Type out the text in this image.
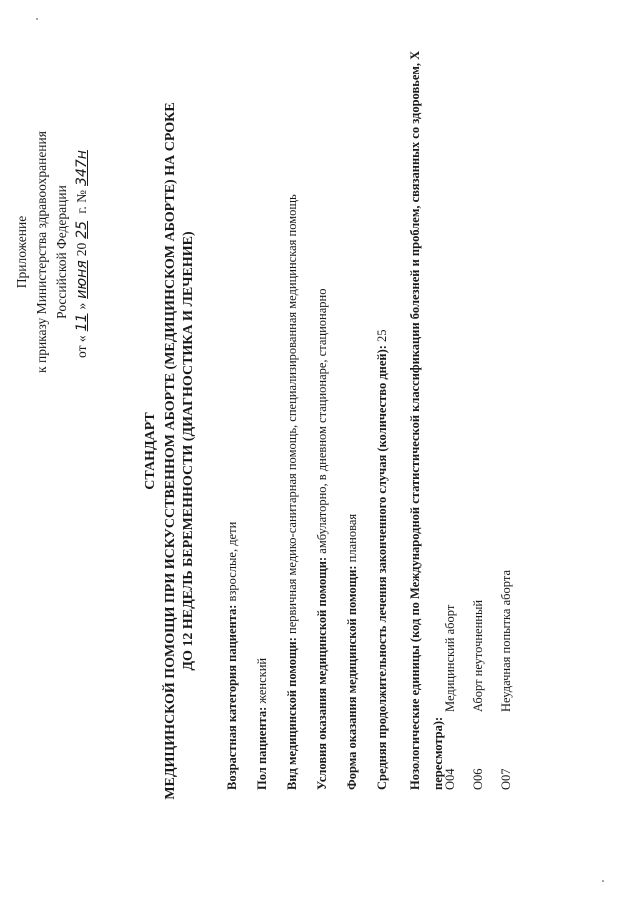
Приложение к приказу Министерства здравоохранения Российской Федерации
от «11»июня2025 г. №347н
СТАНДАРТ МЕДИЦИНСКОЙ ПОМОЩИ ПРИ ИСКУССТВЕННОМ АБОРТЕ (МЕДИЦИНСКОМ АБОРТЕ) НА СРОКЕ ДО 12 НЕДЕЛЬ БЕРЕМЕННОСТИ (ДИАГНОСТИКА И ЛЕЧЕНИЕ)
Возрастная категория пациента: взрослые, дети
Пол пациента: женский Вид медицинской помощи: первичная медико-санитарная помощь, специализированная медицинская помощь
Условия оказания медицинской помощи: амбулаторно, в дневном стационаре, стационарно
Форма оказания медицинской помощи: плановая Средняя продолжительность лечения законченного случая (количество дней): 25	Нозологические единицы (код по Международной статистической классификации болезней и проблем, связанных со здоровьем, X пересмотра):
O04
Медицинский аборт
O06
Аборт неуточненный
O07
Неудачная попытка аборта
